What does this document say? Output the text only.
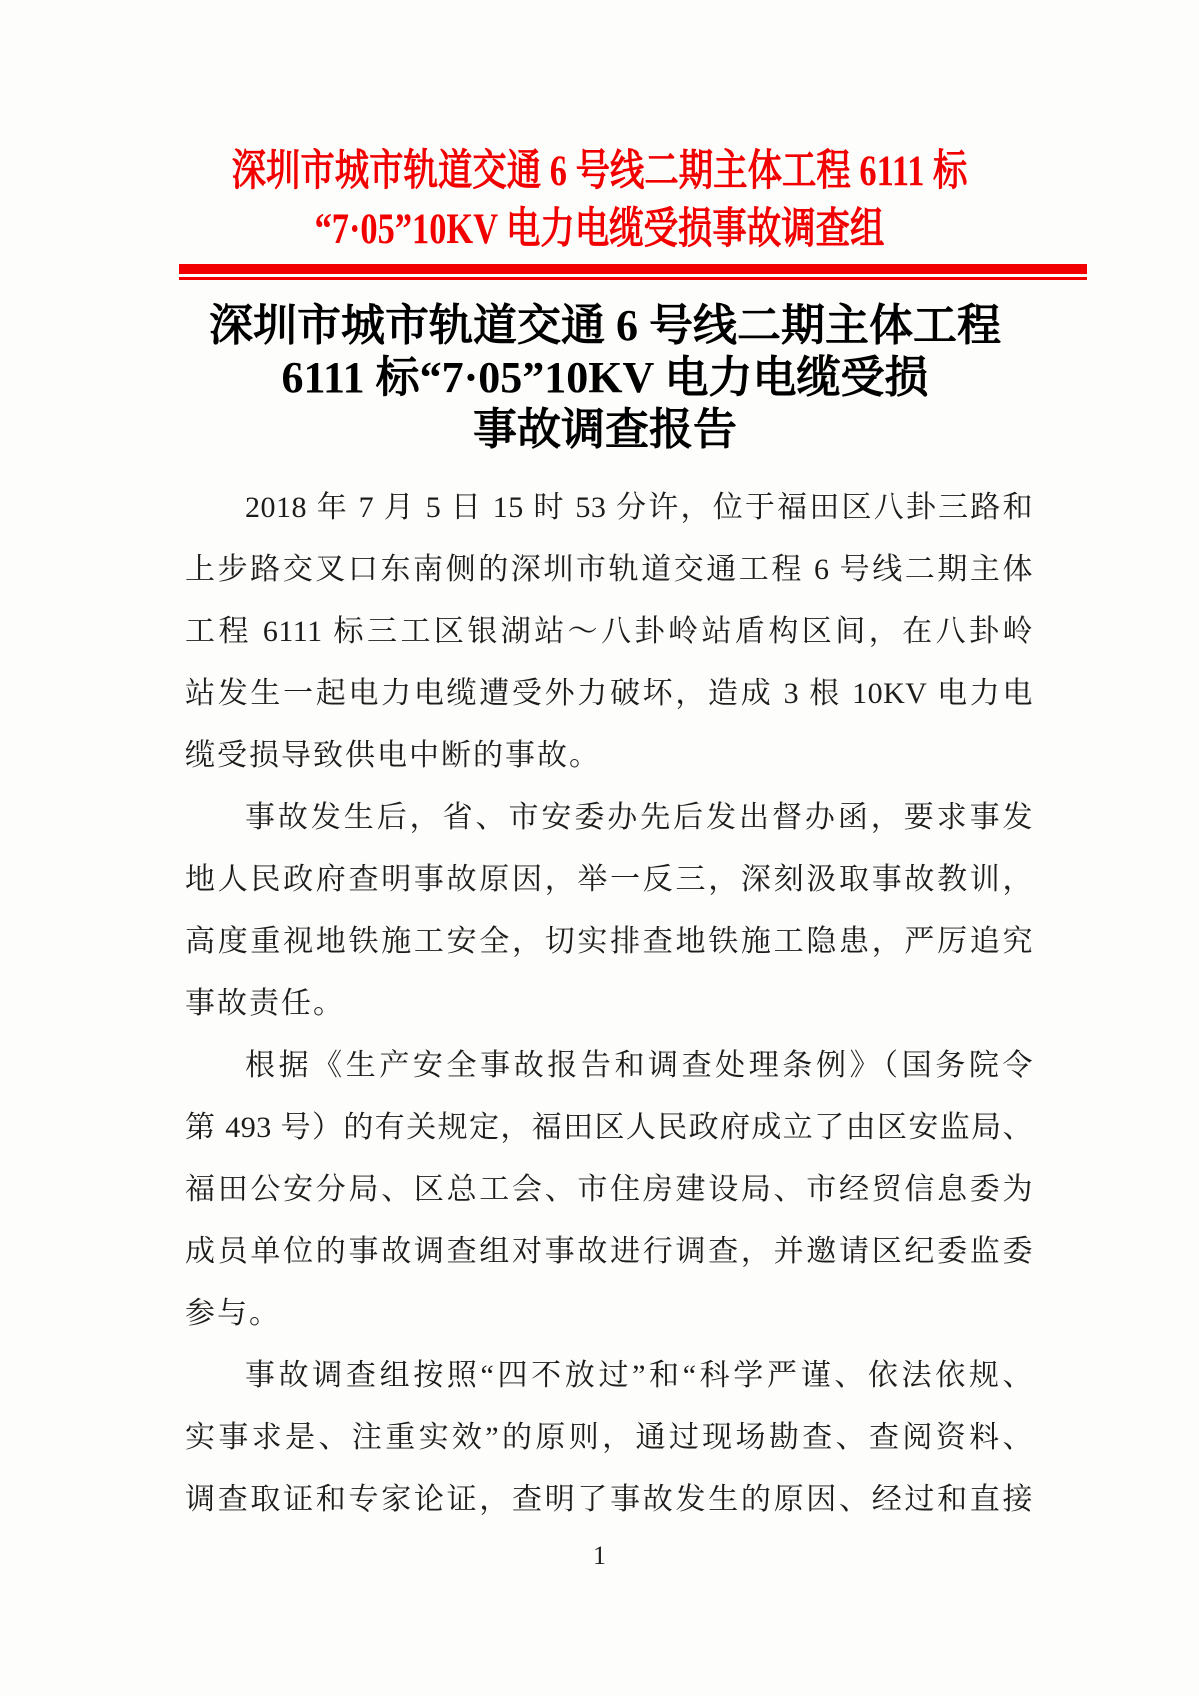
深圳市城市轨道交通 6 号线二期主体工程 6111 标
“7·05”10KV 电力电缆受损事故调查组
深圳市城市轨道交通 6 号线二期主体工程
6111 标“7·05”10KV 电力电缆受损
事故调查报告
2018 年 7 月 5 日 15 时 53 分许，位于福田区八卦三路和
上步路交叉口东南侧的深圳市轨道交通工程 6 号线二期主体
工程 6111 标三工区银湖站～八卦岭站盾构区间，在八卦岭
站发生一起电力电缆遭受外力破坏，造成 3 根 10KV 电力电
缆受损导致供电中断的事故。
事故发生后，省、市安委办先后发出督办函，要求事发
地人民政府查明事故原因，举一反三，深刻汲取事故教训，
高度重视地铁施工安全，切实排查地铁施工隐患，严厉追究
事故责任。
根据《生产安全事故报告和调查处理条例》（国务院令
第 493 号）的有关规定，福田区人民政府成立了由区安监局、
福田公安分局、区总工会、市住房建设局、市经贸信息委为
成员单位的事故调查组对事故进行调查，并邀请区纪委监委
参与。
事故调查组按照“四不放过”和“科学严谨、依法依规、
实事求是、注重实效”的原则，通过现场勘查、查阅资料、
调查取证和专家论证，查明了事故发生的原因、经过和直接
1
